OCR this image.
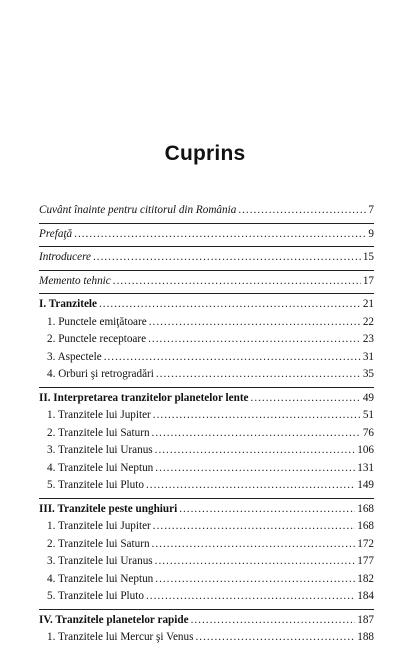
Cuprins
Cuvânt înainte pentru cititorul din România .....	7
Prefaţă .....	9
Introducere .....	15
Memento tehnic .....	17
I. Tranzitele .....	21
1. Punctele emiţătoare .....	22
2. Punctele receptoare .....	23
3. Aspectele .....	31
4. Orburi şi retrogradări .....	35
II. Interpretarea tranzitelor planetelor lente .....	49
1. Tranzitele lui Jupiter .....	51
2. Tranzitele lui Saturn .....	76
3. Tranzitele lui Uranus .....	106
4. Tranzitele lui Neptun .....	131
5. Tranzitele lui Pluto .....	149
III. Tranzitele peste unghiuri .....	168
1. Tranzitele lui Jupiter .....	168
2. Tranzitele lui Saturn .....	172
3. Tranzitele lui Uranus .....	177
4. Tranzitele lui Neptun .....	182
5. Tranzitele lui Pluto .....	184
IV. Tranzitele planetelor rapide .....	187
1. Tranzitele lui Mercur şi Venus .....	188
